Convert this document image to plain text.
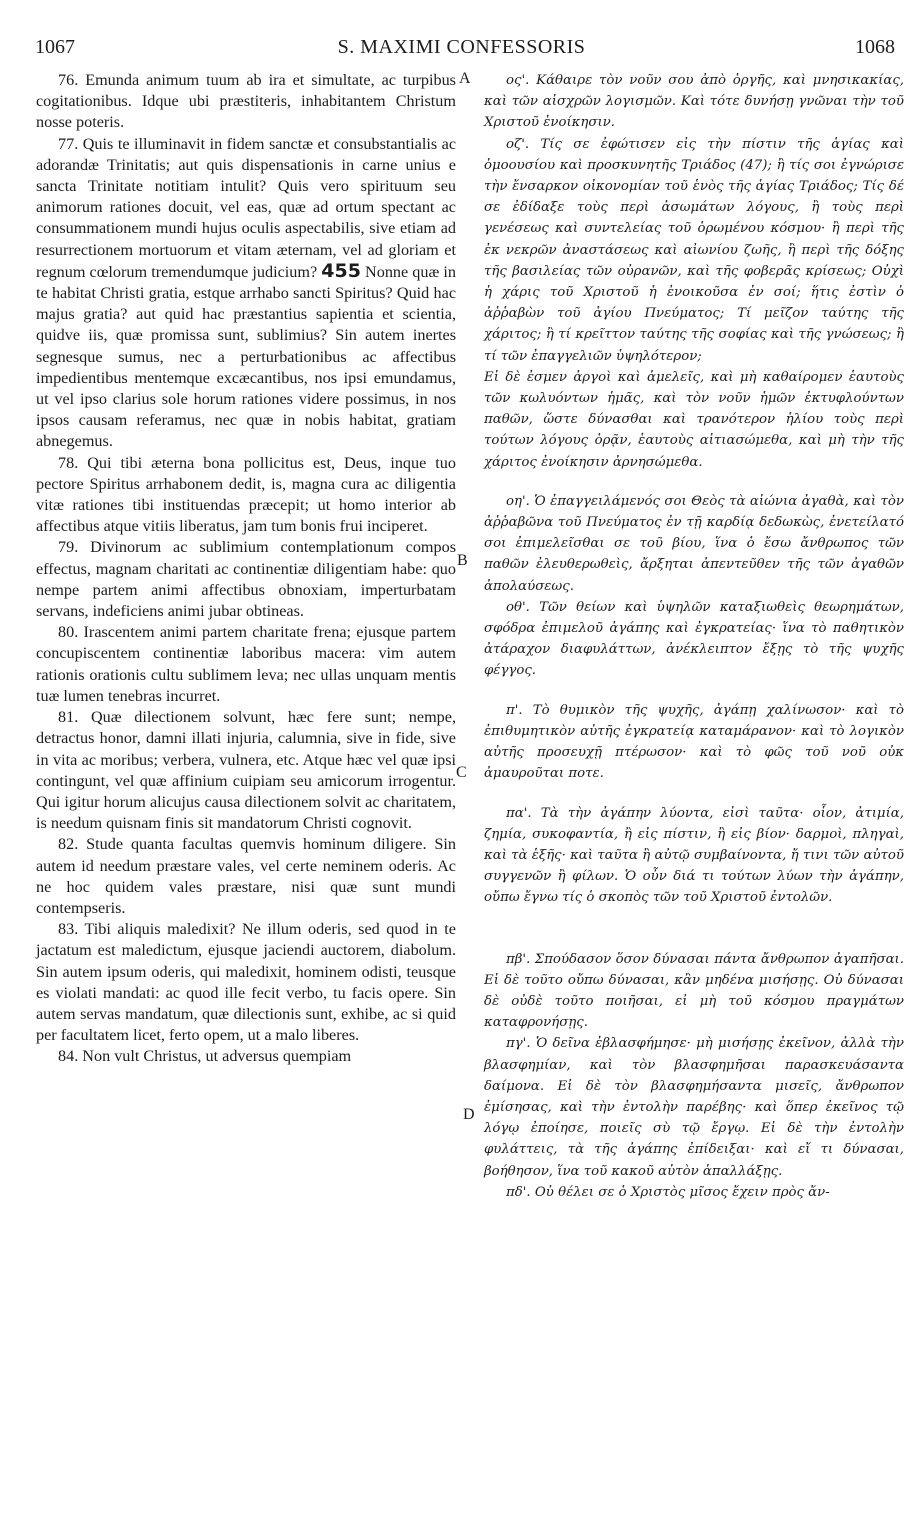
1067	S. MAXIMI CONFESSORIS	1068
A
B
C
D

76. Emunda animum tuum ab ira et simultate, ac turpibus cogitationibus. Idque ubi præstiteris, inhabitantem Christum nosse poteris.

77. Quis te illuminavit in fidem sanctæ et consubstantialis ac adorandæ Trinitatis; aut quis dispensationis in carne unius e sancta Trinitate notitiam intulit? Quis vero spirituum seu animorum rationes docuit, vel eas, quæ ad ortum spectant ac consummationem mundi hujus oculis aspectabilis, sive etiam ad resurrectionem mortuorum et vitam æternam, vel ad gloriam et regnum cœlorum tremendumque judicium? 455 Nonne quæ in te habitat Christi gratia, estque arrhabo sancti Spiritus? Quid hac majus gratia? aut quid hac præstantius sapientia et scientia, quidve iis, quæ promissa sunt, sublimius? Sin autem inertes segnesque sumus, nec a perturbationibus ac affectibus impedientibus mentemque excæcantibus, nos ipsi emundamus, ut vel ipso clarius sole horum rationes videre possimus, in nos ipsos causam referamus, nec quæ in nobis habitat, gratiam abnegemus.

78. Qui tibi æterna bona pollicitus est, Deus, inque tuo pectore Spiritus arrhabonem dedit, is, magna cura ac diligentia vitæ rationes tibi instituendas præcepit; ut homo interior ab affectibus atque vitiis liberatus, jam tum bonis frui inciperet.

79. Divinorum ac sublimium contemplationum compos effectus, magnam charitati ac continentiæ diligentiam habe: quo nempe partem animi affectibus obnoxiam, imperturbatam servans, indeficiens animi jubar obtineas.

80. Irascentem animi partem charitate frena; ejusque partem concupiscentem continentiæ laboribus macera: vim autem rationis orationis cultu sublimem leva; nec ullas unquam mentis tuæ lumen tenebras incurret.

81. Quæ dilectionem solvunt, hæc fere sunt; nempe, detractus honor, damni illati injuria, calumnia, sive in fide, sive in vita ac moribus; verbera, vulnera, etc. Atque hæc vel quæ ipsi contingunt, vel quæ affinium cuipiam seu amicorum irrogentur. Qui igitur horum alicujus causa dilectionem solvit ac charitatem, is needum quisnam finis sit mandatorum Christi cognovit.

82. Stude quanta facultas quemvis hominum diligere. Sin autem id needum præstare vales, vel certe neminem oderis. Ac ne hoc quidem vales præstare, nisi quæ sunt mundi contempseris.

83. Tibi aliquis maledixit? Ne illum oderis, sed quod in te jactatum est maledictum, ejusque jaciendi auctorem, diabolum. Sin autem ipsum oderis, qui maledixit, hominem odisti, teusque es violati mandati: ac quod ille fecit verbo, tu facis opere. Sin autem servas mandatum, quæ dilectionis sunt, exhibe, ac si quid per facultatem licet, ferto opem, ut a malo liberes.

84. Non vult Christus, ut adversus quempiam

ος'. Κάθαιρε τὸν νοῦν σου ἀπὸ ὀργῆς, καὶ μνησικακίας, καὶ τῶν αἰσχρῶν λογισμῶν. Καὶ τότε δυνήσῃ γνῶναι τὴν τοῦ Χριστοῦ ἐνοίκησιν.

οζ'. Τίς σε ἐφώτισεν εἰς τὴν πίστιν τῆς ἁγίας καὶ ὁμοουσίου καὶ προσκυνητῆς Τριάδος (47); ἢ τίς σοι ἐγνώρισε τὴν ἔνσαρκον οἰκονομίαν τοῦ ἑνὸς τῆς ἁγίας Τριάδος; Τίς δέ σε ἐδίδαξε τοὺς περὶ ἀσωμάτων λόγους, ἢ τοὺς περὶ γενέσεως καὶ συντελείας τοῦ ὁρωμένου κόσμου· ἢ περὶ τῆς ἐκ νεκρῶν ἀναστάσεως καὶ αἰωνίου ζωῆς, ἢ περὶ τῆς δόξης τῆς βασιλείας τῶν οὐρανῶν, καὶ τῆς φοβερᾶς κρίσεως; Οὐχὶ ἡ χάρις τοῦ Χριστοῦ ἡ ἐνοικοῦσα ἐν σοί; ἥτις ἐστὶν ὁ ἀῤῥαβὼν τοῦ ἁγίου Πνεύματος; Τί μεῖζον ταύτης τῆς χάριτος; ἢ τί κρεῖττον ταύτης τῆς σοφίας καὶ τῆς γνώσεως; ἢ τί τῶν ἐπαγγελιῶν ὑψηλότερον;

Εἰ δὲ ἐσμεν ἀργοὶ καὶ ἀμελεῖς, καὶ μὴ καθαίρομεν ἑαυτοὺς τῶν κωλυόντων ἡμᾶς, καὶ τὸν νοῦν ἡμῶν ἐκτυφλούντων παθῶν, ὥστε δύνασθαι καὶ τρανότερον ἡλίου τοὺς περὶ τούτων λόγους ὁρᾷν, ἑαυτοὺς αἰτιασώμεθα, καὶ μὴ τὴν τῆς χάριτος ἐνοίκησιν ἀρνησώμεθα.

οη'. Ὁ ἐπαγγειλάμενός σοι Θεὸς τὰ αἰώνια ἀγαθὰ, καὶ τὸν ἀῤῥαβῶνα τοῦ Πνεύματος ἐν τῇ καρδίᾳ δεδωκὼς, ἐνετείλατό σοι ἐπιμελεῖσθαι σε τοῦ βίου, ἵνα ὁ ἔσω ἄνθρωπος τῶν παθῶν ἐλευθερωθεὶς, ἄρξηται ἀπεντεῦθεν τῆς τῶν ἀγαθῶν ἀπολαύσεως.

οθ'. Τῶν θείων καὶ ὑψηλῶν καταξιωθεὶς θεωρημάτων, σφόδρα ἐπιμελοῦ ἀγάπης καὶ ἐγκρατείας· ἵνα τὸ παθητικὸν ἀτάραχον διαφυλάττων, ἀνέκλειπτον ἔξῃς τὸ τῆς ψυχῆς φέγγος.

π'. Τὸ θυμικὸν τῆς ψυχῆς, ἀγάπῃ χαλίνωσον· καὶ τὸ ἐπιθυμητικὸν αὐτῆς ἐγκρατείᾳ καταμάρανον· καὶ τὸ λογικὸν αὐτῆς προσευχῇ πτέρωσον· καὶ τὸ φῶς τοῦ νοῦ οὐκ ἀμαυροῦται ποτε.

πα'. Τὰ τὴν ἀγάπην λύοντα, εἰσὶ ταῦτα· οἷον, ἀτιμία, ζημία, συκοφαντία, ἢ εἰς πίστιν, ἢ εἰς βίον· δαρμοὶ, πληγαὶ, καὶ τὰ ἑξῆς· καὶ ταῦτα ἢ αὐτῷ συμβαίνοντα, ἤ τινι τῶν αὐτοῦ συγγενῶν ἢ φίλων. Ὁ οὖν διά τι τούτων λύων τὴν ἀγάπην, οὔπω ἔγνω τίς ὁ σκοπὸς τῶν τοῦ Χριστοῦ ἐντολῶν.

πβ'. Σπούδασον ὅσον δύνασαι πάντα ἄνθρωπον ἀγαπῆσαι. Εἰ δὲ τοῦτο οὔπω δύνασαι, κἂν μηδένα μισήσῃς. Οὐ δύνασαι δὲ οὐδὲ τοῦτο ποιῆσαι, εἰ μὴ τοῦ κόσμου πραγμάτων καταφρονήσῃς.

πγ'. Ὁ δεῖνα ἐβλασφήμησε· μὴ μισήσῃς ἐκεῖνον, ἀλλὰ τὴν βλασφημίαν, καὶ τὸν βλασφημῆσαι παρασκευάσαντα δαίμονα. Εἰ δὲ τὸν βλασφημήσαντα μισεῖς, ἄνθρωπον ἐμίσησας, καὶ τὴν ἐντολὴν παρέβης· καὶ ὅπερ ἐκεῖνος τῷ λόγῳ ἐποίησε, ποιεῖς σὺ τῷ ἔργῳ. Εἰ δὲ τὴν ἐντολὴν φυλάττεις, τὰ τῆς ἀγάπης ἐπίδειξαι· καὶ εἴ τι δύνασαι, βοήθησον, ἵνα τοῦ κακοῦ αὐτὸν ἀπαλλάξῃς.

πδ'. Οὐ θέλει σε ὁ Χριστὸς μῖσος ἔχειν πρὸς ἄν-
